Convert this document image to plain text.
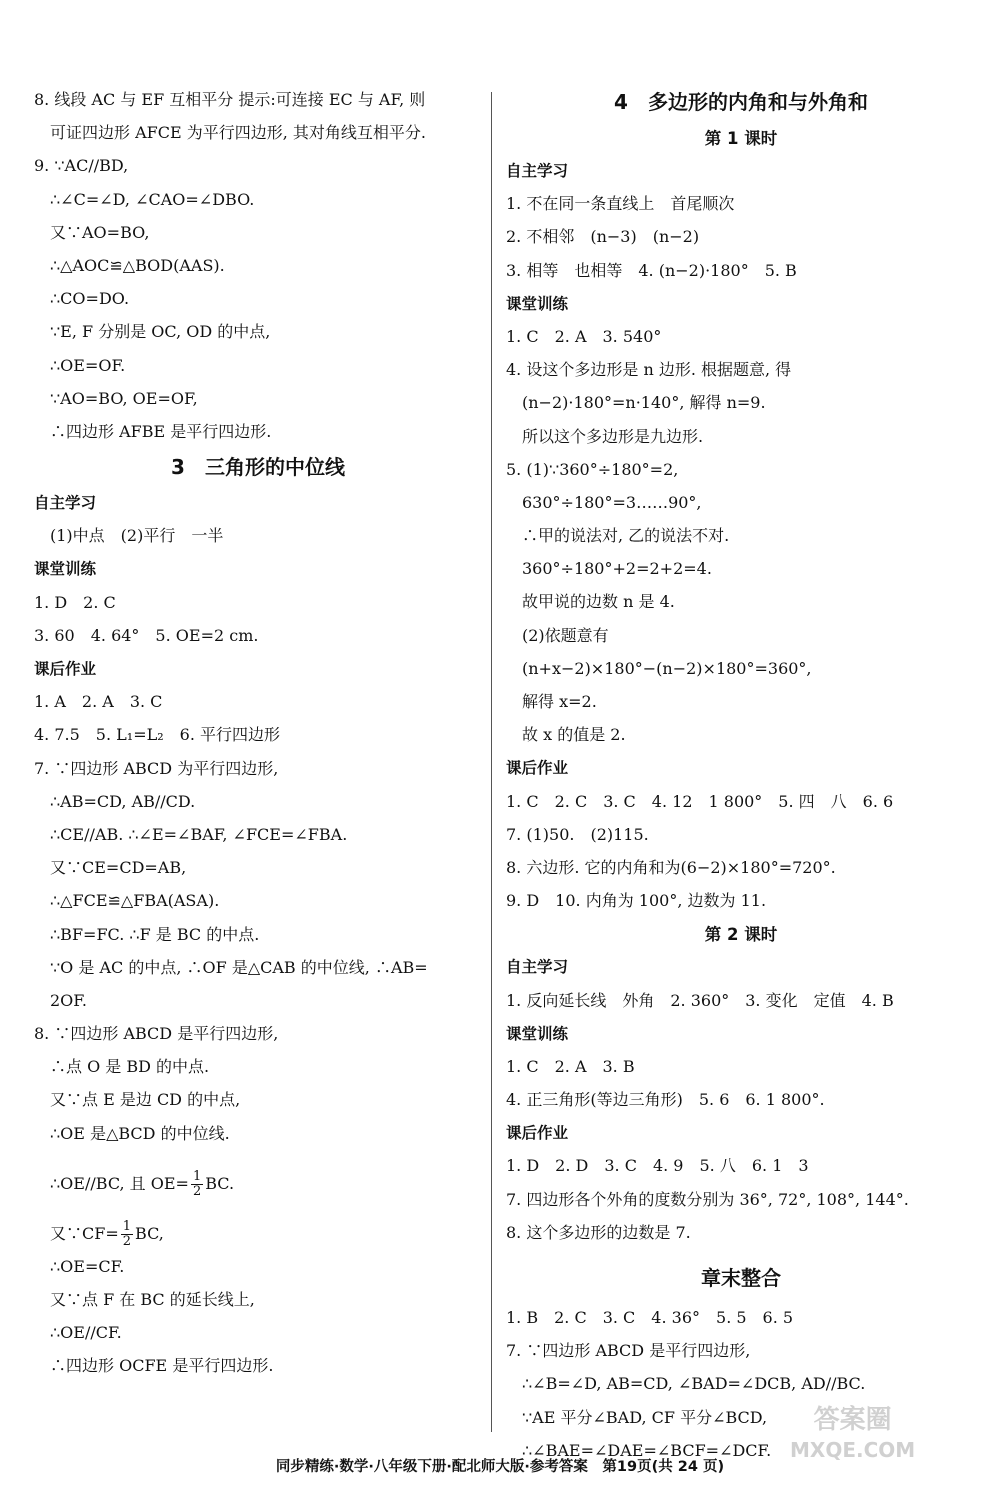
8. 线段 AC 与 EF 互相平分 提示:可连接 EC 与 AF, 则
可证四边形 AFCE 为平行四边形, 其对角线互相平分.
9. ∵AC//BD,
∴∠C=∠D, ∠CAO=∠DBO.
又∵AO=BO,
∴△AOC≌△BOD(AAS).
∴CO=DO.
∵E, F 分别是 OC, OD 的中点,
∴OE=OF.
∵AO=BO, OE=OF,
∴四边形 AFBE 是平行四边形.
3　三角形的中位线
自主学习
(1)中点　(2)平行　一半
课堂训练
1. D　2. C
3. 60　4. 64°　5. OE=2 cm.
课后作业
1. A　2. A　3. C
4. 7.5　5. L₁=L₂　6. 平行四边形
7. ∵四边形 ABCD 为平行四边形,
∴AB=CD, AB//CD.
∴CE//AB. ∴∠E=∠BAF, ∠FCE=∠FBA.
又∵CE=CD=AB,
∴△FCE≌△FBA(ASA).
∴BF=FC. ∴F 是 BC 的中点.
∵O 是 AC 的中点, ∴OF 是△CAB 的中位线, ∴AB=
2OF.
8. ∵四边形 ABCD 是平行四边形,
∴点 O 是 BD 的中点.
又∵点 E 是边 CD 的中点,
∴OE 是△BCD 的中位线.
∴OE//BC, 且 $OE= \frac{1}{2}$ BC.
又∵CF= $\frac{1}{2}$ BC,
∴OE=CF.
又∵点 F 在 BC 的延长线上,
∴OE//CF.
∴四边形 OCFE 是平行四边形.
4　多边形的内角和与外角和
第 1 课时
自主学习
1. 不在同一条直线上　首尾顺次
2. 不相邻　(n−3)　(n−2)
3. 相等　也相等　4. (n−2)·180°　5. B
课堂训练
1. C　2. A　3. 540°
4. 设这个多边形是 n 边形. 根据题意, 得
(n−2)·180°=n·140°, 解得 n=9.
所以这个多边形是九边形.
5. (1)∵360°÷180°=2,
630°÷180°=3……90°,
∴甲的说法对, 乙的说法不对.
360°÷180°+2=2+2=4.
故甲说的边数 n 是 4.
(2)依题意有
(n+x−2)×180°−(n−2)×180°=360°,
解得 x=2.
故 x 的值是 2.
课后作业
1. C　2. C　3. C　4. 12　1 800°　5. 四　八　6. 6
7. (1)50.　(2)115.
8. 六边形. 它的内角和为(6−2)×180°=720°.
9. D　10. 内角为 100°, 边数为 11.
第 2 课时
自主学习
1. 反向延长线　外角　2. 360°　3. 变化　定值　4. B
课堂训练
1. C　2. A　3. B
4. 正三角形(等边三角形)　5. 6　6. 1 800°.
课后作业
1. D　2. D　3. C　4. 9　5. 八　6. 1　3
7. 四边形各个外角的度数分别为 36°, 72°, 108°, 144°.
8. 这个多边形的边数是 7.
章末整合
1. B　2. C　3. C　4. 36°　5. 5　6. 5
7. ∵四边形 ABCD 是平行四边形,
∴∠B=∠D, AB=CD, ∠BAD=∠DCB, AD//BC.
∵AE 平分∠BAD, CF 平分∠BCD,
∴∠BAE=∠DAE=∠BCF=∠DCF.
同步精练·数学·八年级下册·配北师大版·参考答案　第19页(共 24 页)
答案圈
MXQE.COM
